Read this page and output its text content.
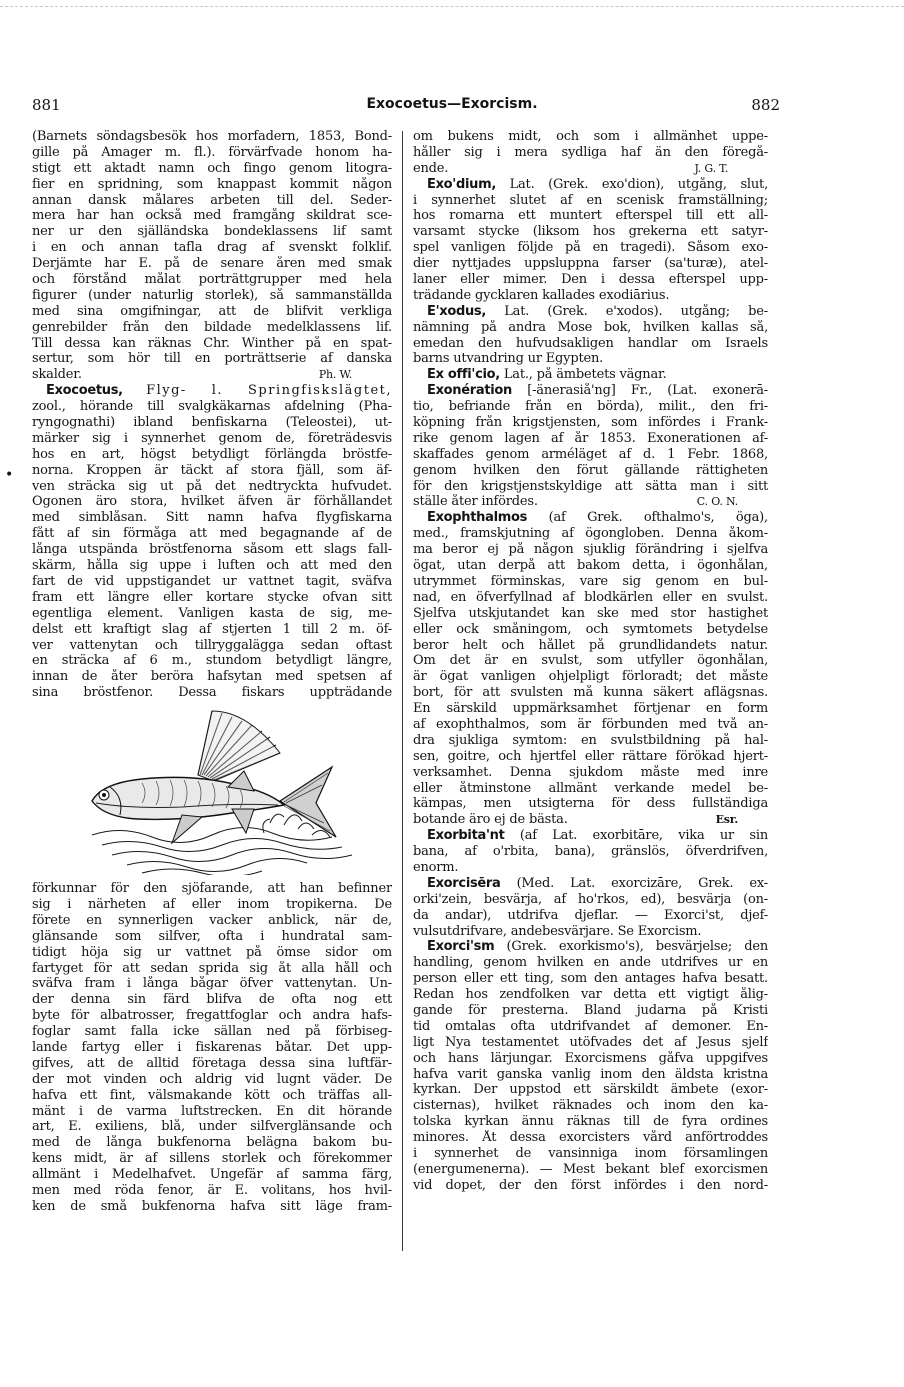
881	Exocoetus—Exorcism.	882
•
(Barnets söndagsbesök hos morfadern, 1853, Bond-
gille på Amager m. fl.). förvärfvade honom ha-
stigt ett aktadt namn och fingo genom litogra-
fier en spridning, som knappast kommit någon
annan dansk målares arbeten till del. Seder-
mera har han också med framgång skildrat sce-
ner ur den själländska bondeklassens lif samt
i en och annan tafla drag af svenskt folklif.
Derjämte har E. på de senare åren med smak
och förstånd målat porträttgrupper med hela
figurer (under naturlig storlek), så sammanställda
med sina omgifningar, att de blifvit verkliga
genrebilder från den bildade medelklassens lif.
Till dessa kan räknas Chr. Winther på en spat-
sertur, som hör till en porträttserie af danska
skalder.	Ph. W.
Exocoetus, Flyg- l. Springfiskslägtet,
zool., hörande till svalgkäkarnas afdelning (Pha-
ryngognathi) ibland benfiskarna (Teleostei), ut-
märker sig i synnerhet genom de, företrädesvis
hos en art, högst betydligt förlängda bröstfe-
norna. Kroppen är täckt af stora fjäll, som äf-
ven sträcka sig ut på det nedtryckta hufvudet.
Ögonen äro stora, hvilket äfven är förhållandet
med simblåsan. Sitt namn hafva flygfiskarna
fått af sin förmåga att med begagnande af de
långa utspända bröstfenorna såsom ett slags fall-
skärm, hålla sig uppe i luften och att med den
fart de vid uppstigandet ur vattnet tagit, sväfva
fram ett längre eller kortare stycke ofvan sitt
egentliga element. Vanligen kasta de sig, me-
delst ett kraftigt slag af stjerten 1 till 2 m. öf-
ver vattenytan och tillryggalägga sedan oftast
en sträcka af 6 m., stundom betydligt längre,
innan de åter beröra hafsytan med spetsen af
sina bröstfenor. Dessa fiskars uppträdande
förkunnar för den sjöfarande, att han befinner
sig i närheten af eller inom tropikerna. De
förete en synnerligen vacker anblick, när de,
glänsande som silfver, ofta i hundratal sam-
tidigt höja sig ur vattnet på ömse sidor om
fartyget för att sedan sprida sig åt alla håll och
sväfva fram i långa bågar öfver vattenytan. Un-
der denna sin färd blifva de ofta nog ett
byte för albatrosser, fregattfoglar och andra hafs-
foglar samt falla icke sällan ned på förbiseg-
lande fartyg eller i fiskarenas båtar. Det upp-
gifves, att de alltid företaga dessa sina luftfär-
der mot vinden och aldrig vid lugnt väder. De
hafva ett fint, välsmakande kött och träffas all-
mänt i de varma luftstrecken. En dit hörande
art, E. exiliens, blå, under silfverglänsande och
med de långa bukfenorna belägna bakom bu-
kens midt, är af sillens storlek och förekommer
allmänt i Medelhafvet. Ungefär af samma färg,
men med röda fenor, är E. volitans, hos hvil-
ken de små bukfenorna hafva sitt läge fram-
om bukens midt, och som i allmänhet uppe-
håller sig i mera sydliga haf än den föregå-
ende.	J. G. T.
Exo'dium, Lat. (Grek. exo'dion), utgång, slut,
i synnerhet slutet af en scenisk framställning;
hos romarna ett muntert efterspel till ett all-
varsamt stycke (liksom hos grekerna ett satyr-
spel vanligen följde på en tragedi). Såsom exo-
dier nyttjades uppsluppna farser (sa'turæ), atel-
laner eller mimer. Den i dessa efterspel upp-
trädande gycklaren kallades exodiārius.
E'xodus, Lat. (Grek. e'xodos). utgång; be-
nämning på andra Mose bok, hvilken kallas så,
emedan den hufvudsakligen handlar om Israels
barns utvandring ur Egypten.
Ex offi'cio, Lat., på ämbetets vägnar.
Exonération [-änerasiå'ng] Fr., (Lat. exonerā-
tio, befriande från en börda), milit., den fri-
köpning från krigstjensten, som infördes i Frank-
rike genom lagen af år 1853. Exonerationen af-
skaffades genom arméläget af d. 1 Febr. 1868,
genom hvilken den förut gällande rättigheten
för den krigstjenstskyldige att sätta man i sitt
ställe åter infördes.	C. O. N.
Exophthalmos (af Grek. ofthalmo's, öga),
med., framskjutning af ögongloben. Denna åkom-
ma beror ej på någon sjuklig förändring i sjelfva
ögat, utan derpå att bakom detta, i ögonhålan,
utrymmet förminskas, vare sig genom en bul-
nad, en öfverfyllnad af blodkärlen eller en svulst.
Sjelfva utskjutandet kan ske med stor hastighet
eller ock småningom, och symtomets betydelse
beror helt och hållet på grundlidandets natur.
Om det är en svulst, som utfyller ögonhålan,
är ögat vanligen ohjelpligt förloradt; det måste
bort, för att svulsten må kunna säkert aflägsnas.
En särskild uppmärksamhet förtjenar en form
af exophthalmos, som är förbunden med två an-
dra sjukliga symtom: en svulstbildning på hal-
sen, goitre, och hjertfel eller rättare förökad hjert-
verksamhet. Denna sjukdom måste med inre
eller åtminstone allmänt verkande medel be-
kämpas, men utsigterna för dess fullständiga
botande äro ej de bästa.	Esr.
Exorbita'nt (af Lat. exorbitāre, vika ur sin
bana, af o'rbita, bana), gränslös, öfverdrifven,
enorm.
Exorcisēra (Med. Lat. exorcizāre, Grek. ex-
orki'zein, besvärja, af ho'rkos, ed), besvärja (on-
da andar), utdrifva djeflar. — Exorci'st, djef-
vulsutdrifvare, andebesvärjare. Se Exorcism.
Exorci'sm (Grek. exorkismo's), besvärjelse; den
handling, genom hvilken en ande utdrifves ur en
person eller ett ting, som den antages hafva besatt.
Redan hos zendfolken var detta ett vigtigt ålig-
gande för presterna. Bland judarna på Kristi
tid omtalas ofta utdrifvandet af demoner. En-
ligt Nya testamentet utöfvades det af Jesus sjelf
och hans lärjungar. Exorcismens gåfva uppgifves
hafva varit ganska vanlig inom den äldsta kristna
kyrkan. Der uppstod ett särskildt ämbete (exor-
cisternas), hvilket räknades och inom den ka-
tolska kyrkan ännu räknas till de fyra ordines
minores. Åt dessa exorcisters vård anförtroddes
i synnerhet de vansinniga inom församlingen
(energumenerna). — Mest bekant blef exorcismen
vid dopet, der den först infördes i den nord-
